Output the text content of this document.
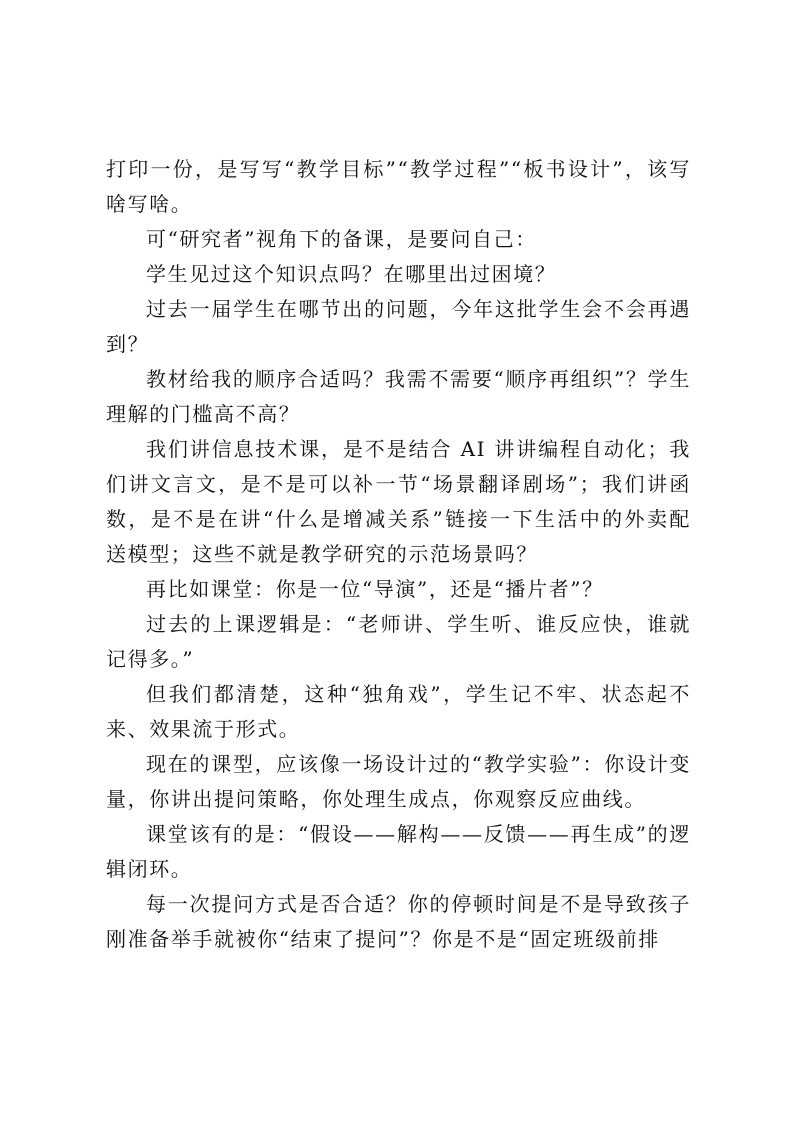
打印一份，是写写“教学目标”“教学过程”“板书设计”，该写啥写啥。

可“研究者”视角下的备课，是要问自己：

学生见过这个知识点吗？在哪里出过困境？

过去一届学生在哪节出的问题，今年这批学生会不会再遇到？

教材给我的顺序合适吗？我需不需要“顺序再组织”？学生理解的门槛高不高？

我们讲信息技术课，是不是结合 AI 讲讲编程自动化；我们讲文言文，是不是可以补一节“场景翻译剧场”；我们讲函数，是不是在讲“什么是增减关系”链接一下生活中的外卖配送模型；这些不就是教学研究的示范场景吗？

再比如课堂：你是一位“导演”，还是“播片者”？

过去的上课逻辑是：“老师讲、学生听、谁反应快，谁就记得多。”

但我们都清楚，这种“独角戏”，学生记不牢、状态起不来、效果流于形式。

现在的课型，应该像一场设计过的“教学实验”：你设计变量，你讲出提问策略，你处理生成点，你观察反应曲线。

课堂该有的是：“假设——解构——反馈——再生成”的逻辑闭环。

每一次提问方式是否合适？你的停顿时间是不是导致孩子刚准备举手就被你“结束了提问”？你是不是“固定班级前排
